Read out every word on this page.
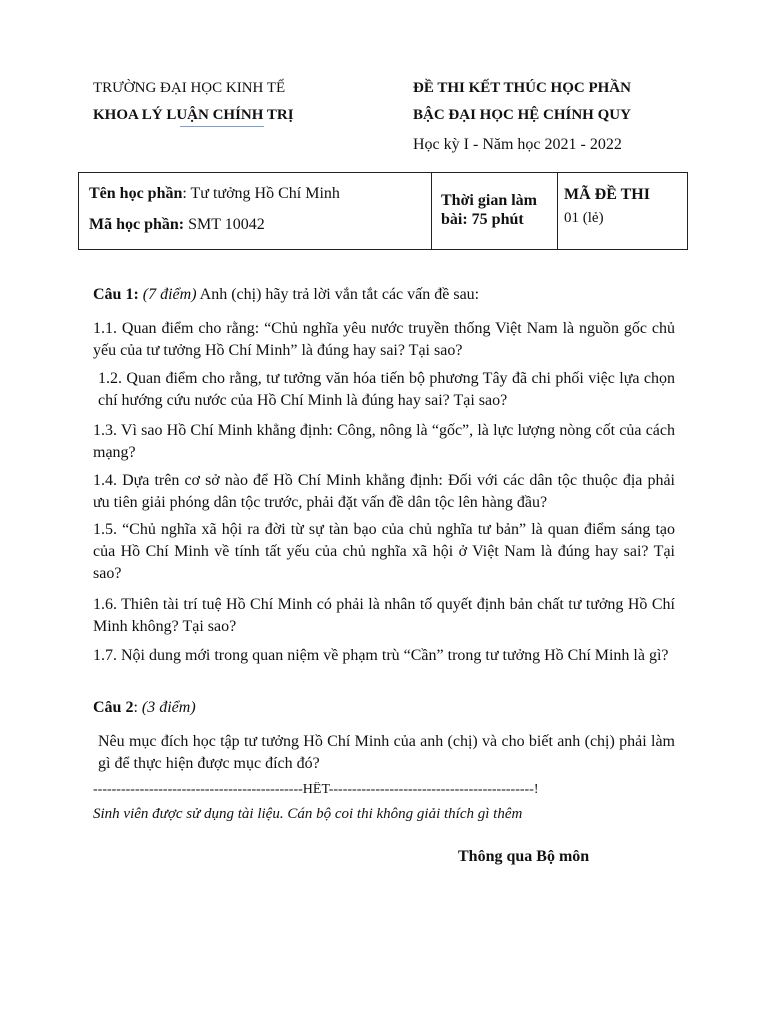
TRƯỜNG ĐẠI HỌC KINH TẾ
KHOA LÝ LUẬN CHÍNH TRỊ
ĐỀ THI KẾT THÚC HỌC PHẦN
BẬC ĐẠI HỌC HỆ CHÍNH QUY
Học kỳ I - Năm học 2021 - 2022
Tên học phần: Tư tưởng Hồ Chí Minh
Mã học phần: SMT 10042
Thời gian làm
bài: 75 phút
MÃ ĐỀ THI
01 (lẻ)
Câu 1: (7 điểm) Anh (chị) hãy trả lời vắn tắt các vấn đề sau:
1.1. Quan điểm cho rằng: “Chủ nghĩa yêu nước truyền thống Việt Nam là nguồn gốc chủ yếu của tư tưởng Hồ Chí Minh” là đúng hay sai? Tại sao?
1.2. Quan điểm cho rằng, tư tưởng văn hóa tiến bộ phương Tây đã chi phối việc lựa chọn chí hướng cứu nước của Hồ Chí Minh là đúng hay sai? Tại sao?
1.3. Vì sao Hồ Chí Minh khẳng định: Công, nông là “gốc”, là lực lượng nòng cốt của cách mạng?
1.4. Dựa trên cơ sở nào để Hồ Chí Minh khẳng định: Đối với các dân tộc thuộc địa phải ưu tiên giải phóng dân tộc trước, phải đặt vấn đề dân tộc lên hàng đầu?
1.5. “Chủ nghĩa xã hội ra đời từ sự tàn bạo của chủ nghĩa tư bản” là quan điểm sáng tạo của Hồ Chí Minh về tính tất yếu của chủ nghĩa xã hội ở Việt Nam là đúng hay sai? Tại sao?
1.6. Thiên tài trí tuệ Hồ Chí Minh có phải là nhân tố quyết định bản chất tư tưởng Hồ Chí Minh không? Tại sao?
1.7. Nội dung mới trong quan niệm về phạm trù “Cần” trong tư tưởng Hồ Chí Minh là gì?
Câu 2: (3 điểm)
Nêu mục đích học tập tư tưởng Hồ Chí Minh của anh (chị) và cho biết anh (chị) phải làm gì để thực hiện được mục đích đó?
---------------------------------------------HẾT--------------------------------------------!
Sinh viên được sử dụng tài liệu. Cán bộ coi thi không giải thích gì thêm
Thông qua Bộ môn
